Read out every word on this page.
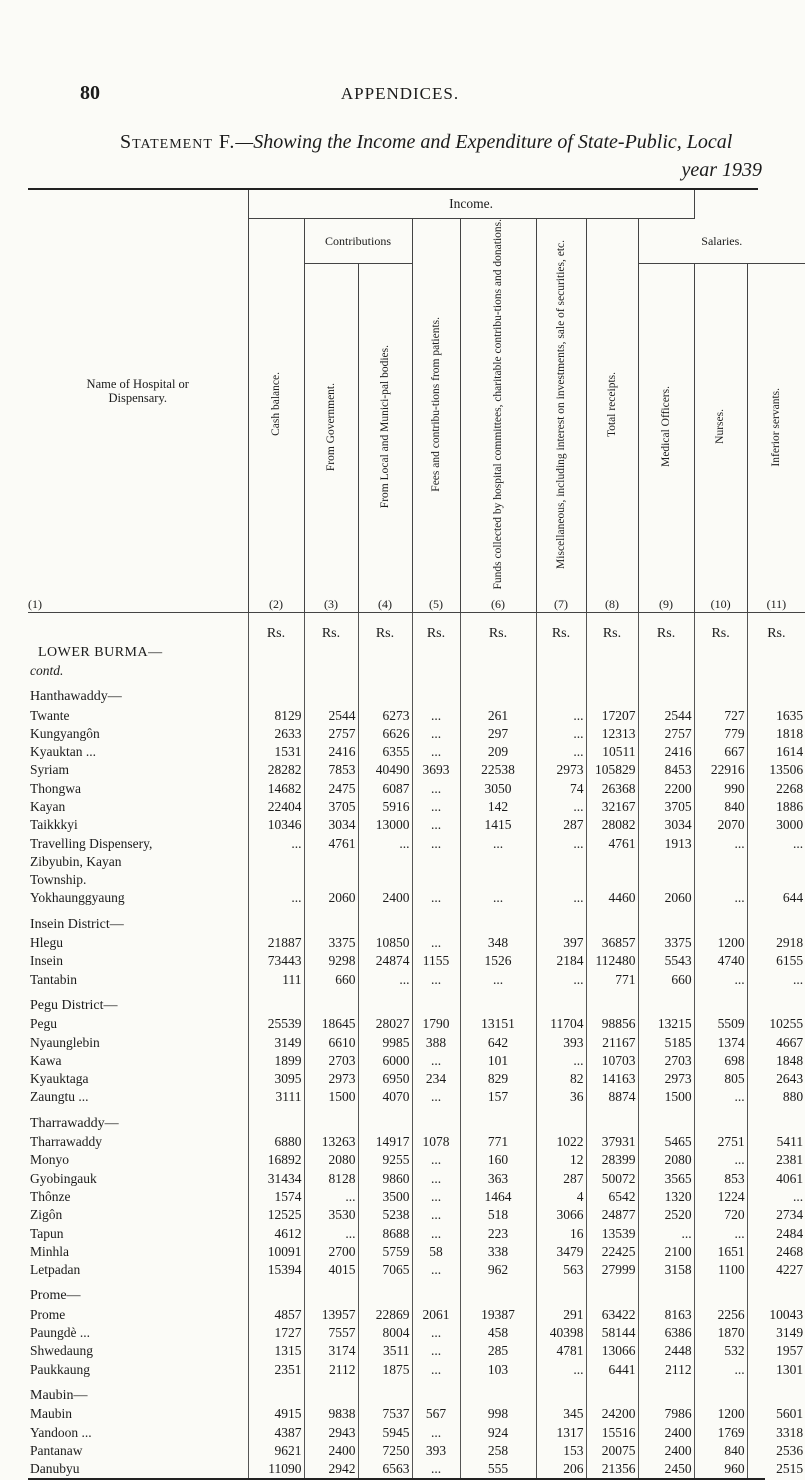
80	APPENDICES.
Statement F.—Showing the Income and Expenditure of State-Public, Local
year 1939
Name of Hospital or Dispensary.	Income.									
	Cash balance.	Contributions		Fees and contribu-tions from patients.	Funds collected by hospital committees, charitable contribu-tions and donations.	Miscellaneous, including interest on investments, sale of securities, etc.	Total receipts.	Salaries.		
		From Government.	From Local and Munici-pal bodies.					Medical Officers.	Nurses.	Inferior servants.
(1)	(2)	(3)	(4)	(5)	(6)	(7)	(8)	(9)	(10)	(11)
	Rs.	Rs.	Rs.	Rs.	Rs.	Rs.	Rs.	Rs.	Rs.	Rs.
LOWER BURMA—										
contd.										

Hanthawaddy—										
Twante	8129	2544	6273	...	261	...	17207	2544	727	1635
Kungyangôn	2633	2757	6626	...	297	...	12313	2757	779	1818
Kyauktan ...	1531	2416	6355	...	209	...	10511	2416	667	1614
Syriam	28282	7853	40490	3693	22538	2973	105829	8453	22916	13506
Thongwa	14682	2475	6087	...	3050	74	26368	2200	990	2268
Kayan	22404	3705	5916	...	142	...	32167	3705	840	1886
Taikkkyi	10346	3034	13000	...	1415	287	28082	3034	2070	3000
Travelling Dispensery,	...	4761	...	...	...	...	4761	1913	...	...
Zibyubin, Kayan										
Township.										
Yokhaunggyaung	...	2060	2400	...	...	...	4460	2060	...	644

Insein District—										
Hlegu	21887	3375	10850	...	348	397	36857	3375	1200	2918
Insein	73443	9298	24874	1155	1526	2184	112480	5543	4740	6155
Tantabin	111	660	...	...	...	...	771	660	...	...

Pegu District—										
Pegu	25539	18645	28027	1790	13151	11704	98856	13215	5509	10255
Nyaunglebin	3149	6610	9985	388	642	393	21167	5185	1374	4667
Kawa	1899	2703	6000	...	101	...	10703	2703	698	1848
Kyauktaga	3095	2973	6950	234	829	82	14163	2973	805	2643
Zaungtu ...	3111	1500	4070	...	157	36	8874	1500	...	880

Tharrawaddy—										
Tharrawaddy	6880	13263	14917	1078	771	1022	37931	5465	2751	5411
Monyo	16892	2080	9255	...	160	12	28399	2080	...	2381
Gyobingauk	31434	8128	9860	...	363	287	50072	3565	853	4061
Thônze	1574	...	3500	...	1464	4	6542	1320	1224	...
Zigôn	12525	3530	5238	...	518	3066	24877	2520	720	2734
Tapun	4612	...	8688	...	223	16	13539	...	...	2484
Minhla	10091	2700	5759	58	338	3479	22425	2100	1651	2468
Letpadan	15394	4015	7065	...	962	563	27999	3158	1100	4227

Prome—										
Prome	4857	13957	22869	2061	19387	291	63422	8163	2256	10043
Paungdè ...	1727	7557	8004	...	458	40398	58144	6386	1870	3149
Shwedaung	1315	3174	3511	...	285	4781	13066	2448	532	1957
Paukkaung	2351	2112	1875	...	103	...	6441	2112	...	1301

Maubin—										
Maubin	4915	9838	7537	567	998	345	24200	7986	1200	5601
Yandoon ...	4387	2943	5945	...	924	1317	15516	2400	1769	3318
Pantanaw	9621	2400	7250	393	258	153	20075	2400	840	2536
Danubyu	11090	2942	6563	...	555	206	21356	2450	960	2515
